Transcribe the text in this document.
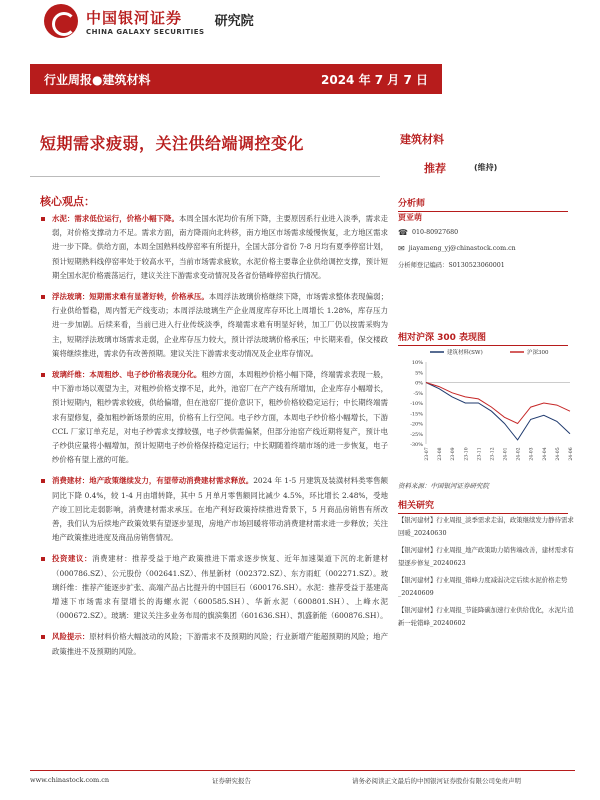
中国银河证券
CHINA GALAXY SECURITIES
研究院
行业周报●建筑材料	2024 年 7 月 7 日
短期需求疲弱，关注供给端调控变化
核心观点：
水泥：需求低位运行，价格小幅下降。本周全国水泥均价有所下降，主要原因系行业进入淡季，需求走弱，对价格支撑动力不足。需求方面，南方降雨向北转移，南方地区市场需求缓慢恢复，北方地区需求进一步下降。供给方面，本周全国熟料线停窑率有所提升，全国大部分省份 7-8 月均有夏季停窑计划，预计短期熟料线停窑率处于较高水平，当前市场需求疲软，水泥价格主要靠企业供给调控支撑，预计短期全国水泥价格震荡运行，建议关注下游需求变动情况及各省份错峰停窑执行情况。
浮法玻璃：短期需求难有显著好转，价格承压。本周浮法玻璃价格继续下降，市场需求整体表现偏弱；行业供给暂稳，周内暂无产线变动；本周浮法玻璃生产企业周度库存环比上周增长 1.28%，库存压力进一步加剧。后续来看，当前已进入行业传统淡季，终端需求难有明显好转，加工厂仍以按需采购为主，短期浮法玻璃市场需求走弱，企业库存压力较大，预计浮法玻璃价格承压；中长期来看，保交楼政策将继续推进，需求仍有改善预期。建议关注下游需求变动情况及企业库存情况。
玻璃纤维：本周粗纱、电子纱价格表现分化。粗纱方面，本周粗纱价格小幅下降，终端需求表现一般，中下游市场以观望为主，对粗纱价格支撑不足，此外，池窑厂在产产线有所增加，企业库存小幅增长，预计短期内，粗纱需求较疲，供给偏增，但在池窑厂提价意识下，粗纱价格较稳定运行；中长期终端需求有望修复，叠加粗纱新场景的应用，价格有上行空间。电子纱方面，本周电子纱价格小幅增长，下游 CCL 厂家订单充足，对电子纱需求支撑较强，电子纱供需偏紧，但部分池窑产线近期将复产，预计电子纱供应量将小幅增加，预计短期电子纱价格保持稳定运行；中长期随着终端市场的进一步恢复，电子纱价格有望上涨的可能。
消费建材：地产政策继续发力，有望带动消费建材需求释放。2024 年 1-5 月建筑及装潢材料类零售额同比下降 0.4%，较 1-4 月由增转降，其中 5 月单月零售额同比减少 4.5%，环比增长 2.48%，受地产竣工回比走弱影响，消费建材需求承压。在地产利好政策持续推进背景下，5 月商品房销售有所改善，我们认为后续地产政策效果有望逐步显现，房地产市场回暖将带动消费建材需求进一步释放；关注地产政策推进进度及商品房销售情况。
投资建议：消费建材：推荐受益于地产政策推进下需求逐步恢复、近年加速渠道下沉的北新建材（000786.SZ）、公元股份（002641.SZ）、伟星新材（002372.SZ）、东方雨虹（002271.SZ）。玻璃纤维：推荐产能逐步扩张、高端产品占比提升的中国巨石（600176.SH）。水泥：推荐受益于基建高增速下市场需求有望增长的海螺水泥（600585.SH）、华新水泥（600801.SH）、上峰水泥（000672.SZ）。玻璃：建议关注多业务布局的旗滨集团（601636.SH）、凯盛新能（600876.SH）。
风险提示：原材料价格大幅波动的风险；下游需求不及预期的风险；行业新增产能超预期的风险；地产政策推进不及预期的风险。
建筑材料
推荐	(维持)
分析师
贾亚萌
☎ 010-80927680
✉ jiayameng_yj@chinastock.com.cn
分析师登记编码：S0130523060001
相对沪深 300 表现图
10%
5%
0%
-5%
-10%
-15%
-20%
-25%
-30%
23-07 23-08 23-09 23-10 23-11 23-12 24-01 24-02 24-03 24-04 24-05 24-06
建筑材料(SW)	沪深300
资料来源：中国银河证券研究院
相关研究
【银河建材】行业周报_淡季需求走弱，政策继续发力静待需求回暖_20240630
【银河建材】行业周报_地产政策助力销售端改善，建材需求有望逐步修复_20240623
【银河建材】行业周报_错峰力度减弱决定后续水泥价格走势_20240609
【银河建材】行业周报_节能降碳加速行业供给优化，水泥片追新一轮错峰_20240602
www.chinastock.com.cn	证券研究报告	请务必阅读正文最后的中国银河证券股份有限公司免责声明
